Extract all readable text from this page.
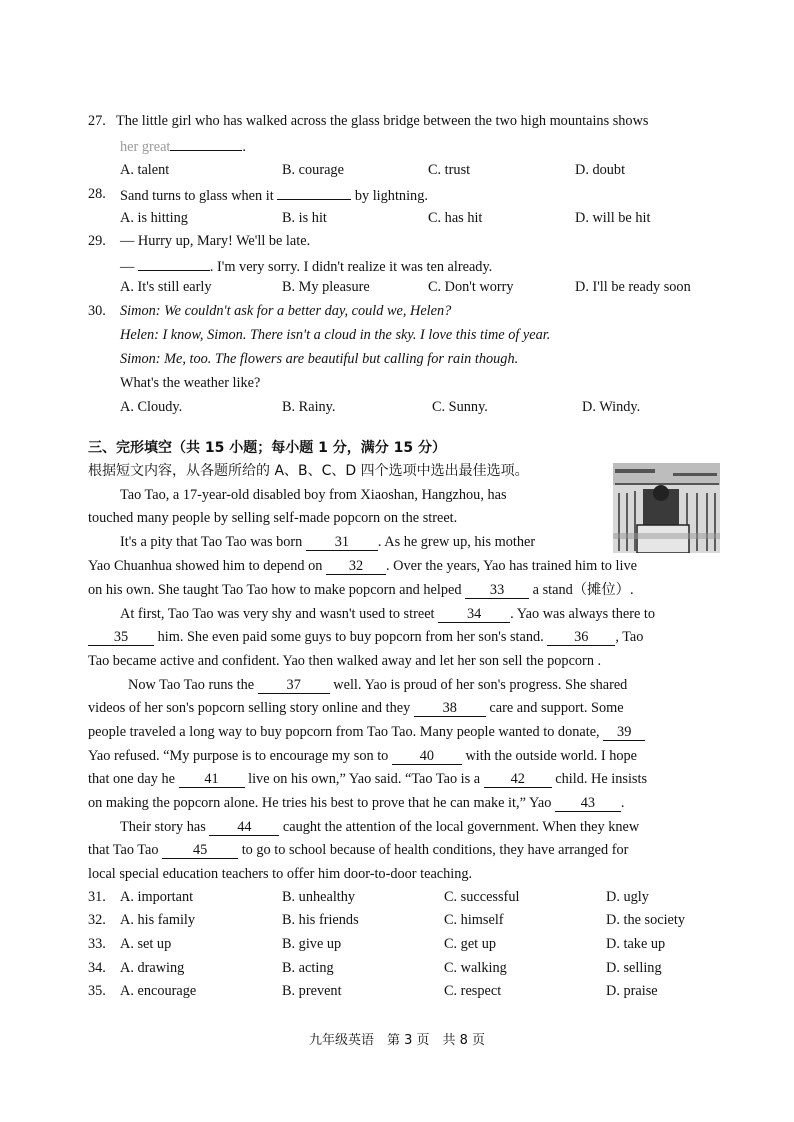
27. The little girl who has walked across the glass bridge between the two high mountains shows
her great	.
A. talent	B. courage	C. trust	D. doubt
28. Sand turns to glass when it	by lightning.
A. is hitting	B. is hit	C. has hit	D. will be hit
29. — Hurry up, Mary! We'll be late.
—	. I'm very sorry. I didn't realize it was ten already.
A. It's still early	B. My pleasure	C. Don't worry	D. I'll be ready soon
30. Simon: We couldn't ask for a better day, could we, Helen?
Helen: I know, Simon. There isn't a cloud in the sky. I love this time of year.
Simon: Me, too. The flowers are beautiful but calling for rain though.
What's the weather like?
A. Cloudy.	B. Rainy.	C. Sunny.	D. Windy.
三、完形填空（共 15 小题；每小题 1 分，满分 15 分）
根据短文内容，从各题所给的 A、B、C、D 四个选项中选出最佳选项。
Tao Tao, a 17-year-old disabled boy from Xiaoshan, Hangzhou, has
touched many people by selling self-made popcorn on the street.
It's a pity that Tao Tao was born 31 . As he grew up, his mother
Yao Chuanhua showed him to depend on 32 . Over the years, Yao has trained him to live
on his own. She taught Tao Tao how to make popcorn and helped 33 a stand（摊位）.
At first, Tao Tao was very shy and wasn't used to street 34 . Yao was always there to
35 him. She even paid some guys to buy popcorn from her son's stand. 36 , Tao
Tao became active and confident. Yao then walked away and let her son sell the popcorn .
Now Tao Tao runs the 37 well. Yao is proud of her son's progress. She shared
videos of her son's popcorn selling story online and they 38 care and support. Some
people traveled a long way to buy popcorn from Tao Tao. Many people wanted to donate, 39
Yao refused. “My purpose is to encourage my son to 40 with the outside world. I hope
that one day he 41 live on his own,” Yao said. “Tao Tao is a 42 child. He insists
on making the popcorn alone. He tries his best to prove that he can make it,” Yao 43 .
Their story has 44 caught the attention of the local government. When they knew
that Tao Tao 45 to go to school because of health conditions, they have arranged for
local special education teachers to offer him door-to-door teaching.
31. A. important	B. unhealthy	C. successful	D. ugly
32. A. his family	B. his friends	C. himself	D. the society
33. A. set up	B. give up	C. get up	D. take up
34. A. drawing	B. acting	C. walking	D. selling
35. A. encourage	B. prevent	C. respect	D. praise
九年级英语　第 3 页　共 8 页
